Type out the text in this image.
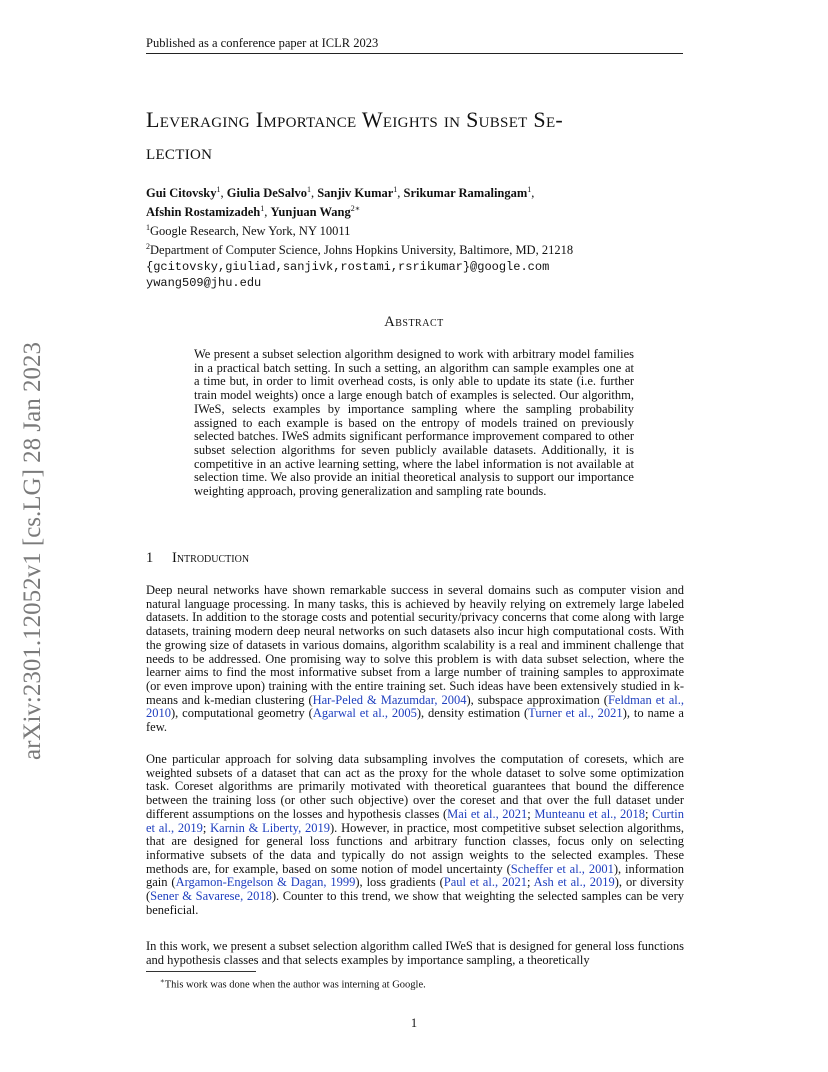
Published as a conference paper at ICLR 2023
arXiv:2301.12052v1 [cs.LG] 28 Jan 2023
Leveraging Importance Weights in Subset Se-
lection
Gui Citovsky$^1$, Giulia DeSalvo$^1$, Sanjiv Kumar$^1$, Srikumar Ramalingam$^1$,
Afshin Rostamizadeh$^1$, Yunjuan Wang$^{2∗}$
$^1$Google Research, New York, NY 10011
$^2$Department of Computer Science, Johns Hopkins University, Baltimore, MD, 21218
{gcitovsky,giuliad,sanjivk,rostami,rsrikumar}@google.com
ywang509@jhu.edu
Abstract
We present a subset selection algorithm designed to work with arbitrary model families in a practical batch setting. In such a setting, an algorithm can sample examples one at a time but, in order to limit overhead costs, is only able to update its state (i.e. further train model weights) once a large enough batch of examples is selected. Our algorithm, IWeS, selects examples by importance sampling where the sampling probability assigned to each example is based on the entropy of models trained on previously selected batches. IWeS admits significant performance improvement compared to other subset selection algorithms for seven publicly available datasets. Additionally, it is competitive in an active learning setting, where the label information is not available at selection time. We also provide an initial theoretical analysis to support our importance weighting approach, proving generalization and sampling rate bounds.
1 Introduction
Deep neural networks have shown remarkable success in several domains such as computer vision and natural language processing. In many tasks, this is achieved by heavily relying on extremely large labeled datasets. In addition to the storage costs and potential security/privacy concerns that come along with large datasets, training modern deep neural networks on such datasets also incur high computational costs. With the growing size of datasets in various domains, algorithm scalability is a real and imminent challenge that needs to be addressed. One promising way to solve this problem is with data subset selection, where the learner aims to find the most informative subset from a large number of training samples to approximate (or even improve upon) training with the entire training set. Such ideas have been extensively studied in k-means and k-median clustering (Har-Peled & Mazumdar, 2004), subspace approximation (Feldman et al., 2010), computational geometry (Agarwal et al., 2005), density estimation (Turner et al., 2021), to name a few.
One particular approach for solving data subsampling involves the computation of coresets, which are weighted subsets of a dataset that can act as the proxy for the whole dataset to solve some optimization task. Coreset algorithms are primarily motivated with theoretical guarantees that bound the difference between the training loss (or other such objective) over the coreset and that over the full dataset under different assumptions on the losses and hypothesis classes (Mai et al., 2021; Munteanu et al., 2018; Curtin et al., 2019; Karnin & Liberty, 2019). However, in practice, most competitive subset selection algorithms, that are designed for general loss functions and arbitrary function classes, focus only on selecting informative subsets of the data and typically do not assign weights to the selected examples. These methods are, for example, based on some notion of model uncertainty (Scheffer et al., 2001), information gain (Argamon-Engelson & Dagan, 1999), loss gradients (Paul et al., 2021; Ash et al., 2019), or diversity (Sener & Savarese, 2018). Counter to this trend, we show that weighting the selected samples can be very beneficial.
In this work, we present a subset selection algorithm called IWeS that is designed for general loss functions and hypothesis classes and that selects examples by importance sampling, a theoretically
∗This work was done when the author was interning at Google.
1
